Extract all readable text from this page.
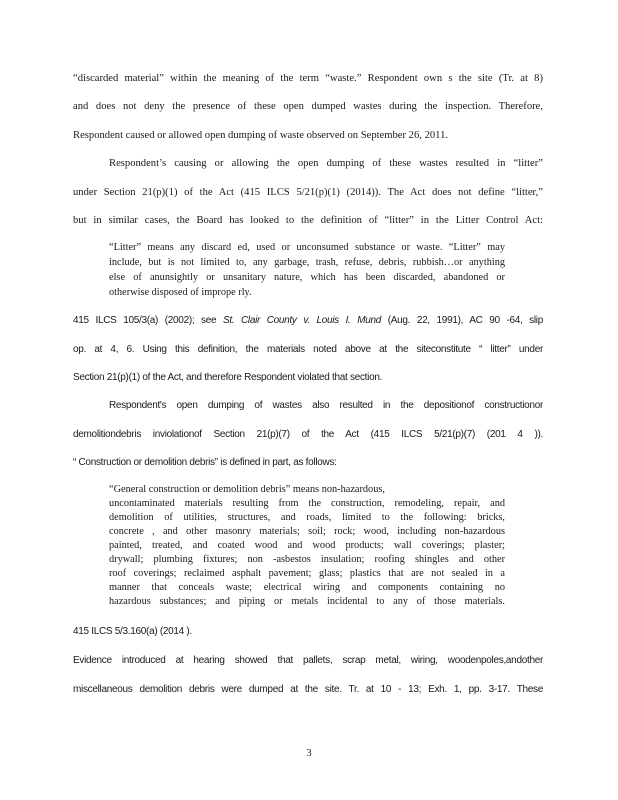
“discarded material” within the meaning of the term “waste.” Respondent own s the site (Tr. at 8)
and does not deny the presence of these open dumped wastes during the inspection. Therefore,
Respondent caused or allowed open dumping of waste observed on September 26, 2011.
Respondent’s causing or allowing the open dumping of these wastes resulted in “litter”
under Section 21(p)(1) of the Act (415 ILCS 5/21(p)(1) (2014)). The Act does not define “litter,”
but in similar cases, the Board has looked to the definition of “litter” in the Litter Control Act:
“Litter” means any discard ed, used or unconsumed substance or waste. “Litter” may
include, but is not limited to, any garbage, trash, refuse, debris, rubbish…or anything
else of anunsightly or unsanitary nature, which has been discarded, abandoned or
otherwise disposed of imprope rly.
415 ILCS 105/3(a) (2002); see St. Clair County v. Louis I. Mund (Aug. 22, 1991), AC 90 -64, slip
op. at 4, 6. Using this definition, the materials noted above at the siteconstitute “ litter” under
Section 21(p)(1) of the Act, and therefore Respondent violated that section.
Respondent's open dumping of wastes also resulted in the depositionof constructionor
demolitiondebris inviolationof Section 21(p)(7) of the Act (415 ILCS 5/21(p)(7) (201 4 )).
“ Construction or demolition debris” is defined in part, as follows:
“General construction or demolition debris” means non-hazardous,
uncontaminated materials resulting from the construction, remodeling, repair, and
demolition of utilities, structures, and roads, limited to the following: bricks,
concrete , and other masonry materials; soil; rock; wood, including non-hazardous
painted, treated, and coated wood and wood products; wall coverings; plaster;
drywall; plumbing fixtures; non -asbestos insulation; roofing shingles and other
roof coverings; reclaimed asphalt pavement; glass; plastics that are not sealed in a
manner that conceals waste; electrical wiring and components containing no
hazardous substances; and piping or metals incidental to any of those materials.
415 ILCS 5/3.160(a) (2014 ).
Evidence introduced at hearing showed that pallets, scrap metal, wiring, woodenpoles,andother
miscellaneous demolition debris were dumped at the site. Tr. at 10 - 13; Exh. 1, pp. 3-17. These
3
